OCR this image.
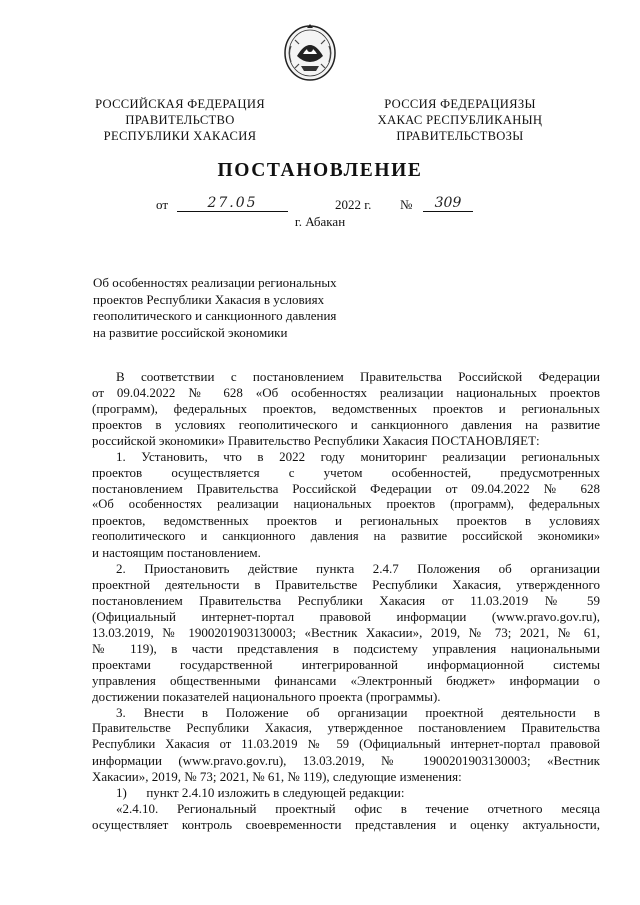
РОССИЙСКАЯ ФЕДЕРАЦИЯ
ПРАВИТЕЛЬСТВО
РЕСПУБЛИКИ ХАКАСИЯ
РОССИЯ ФЕДЕРАЦИЯЗЫ
ХАКАС РЕСПУБЛИКАНЫҢ
ПРАВИТЕЛЬСТВОЗЫ
ПОСТАНОВЛЕНИЕ
от	27.05	2022 г. №	309
г. Абакан
Об особенностях реализации региональных
проектов Республики Хакасия в условиях
геополитического и санкционного давления
на развитие российской экономики
В соответствии с постановлением Правительства Российской Федерации
от 09.04.2022 № 628 «Об особенностях реализации национальных проектов
(программ), федеральных проектов, ведомственных проектов и региональных
проектов в условиях геополитического и санкционного давления на развитие
российской экономики» Правительство Республики Хакасия ПОСТАНОВЛЯЕТ:
1. Установить, что в 2022 году мониторинг реализации региональных
проектов осуществляется с учетом особенностей, предусмотренных
постановлением Правительства Российской Федерации от 09.04.2022 № 628
«Об особенностях реализации национальных проектов (программ), федеральных
проектов, ведомственных проектов и региональных проектов в условиях
геополитического и санкционного давления на развитие российской экономики»
и настоящим постановлением.
2. Приостановить действие пункта 2.4.7 Положения об организации
проектной деятельности в Правительстве Республики Хакасия, утвержденного
постановлением Правительства Республики Хакасия от 11.03.2019 № 59
(Официальный интернет-портал правовой информации (www.pravo.gov.ru),
13.03.2019, № 1900201903130003; «Вестник Хакасии», 2019, № 73; 2021, № 61,
№ 119), в части представления в подсистему управления национальными
проектами государственной интегрированной информационной системы
управления общественными финансами «Электронный бюджет» информации о
достижении показателей национального проекта (программы).
3. Внести в Положение об организации проектной деятельности в
Правительстве Республики Хакасия, утвержденное постановлением Правительства
Республики Хакасия от 11.03.2019 № 59 (Официальный интернет-портал правовой
информации (www.pravo.gov.ru), 13.03.2019, № 1900201903130003; «Вестник
Хакасии», 2019, № 73; 2021, № 61, № 119), следующие изменения:
1)      пункт 2.4.10 изложить в следующей редакции:
«2.4.10. Региональный проектный офис в течение отчетного месяца
осуществляет контроль своевременности представления и оценку актуальности,
